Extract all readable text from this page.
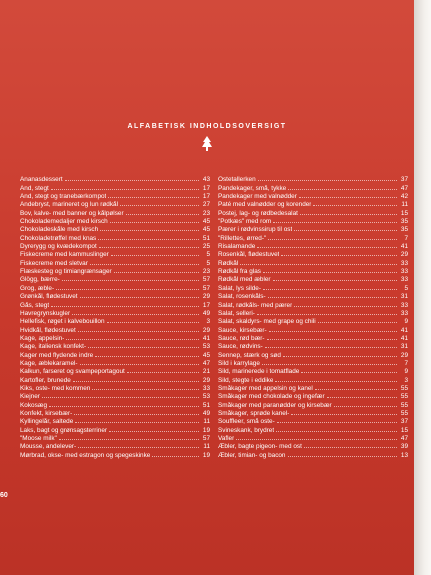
ALFABETISK INDHOLDSOVERSIGT
Ananasdessert	43
And, stegt	17
And, stegt og tranebærkompot	17
Andebryst, marineret og lun rødkål	27
Bov, kalve- med banner og kålpølser	23
Chokolademedaljer med kirsch	45
Chokoladeskåle med kirsch	45
Chokoladetrøffel med knas	51
Dyrerygg og kvædekompot	25
Fiskecreme med kammuslinger	5
Fiskecreme med sletvar	5
Flæskesteg og timiangrænsager	23
Glögg, bærre-	57
Grog, æble-	57
Grønkål, flødestuvet	29
Gås, stegt	17
Havregrynskugler	49
Hellefisk, røget i kalvebouillon	3
Hvidkål, flødestuvet	29
Kage, appelsin-	41
Kage, italiensk konfekt-	53
Kager med flydende indre	45
Kage, æblekaramel-	47
Kalkun, farseret og svampeportagout	21
Kartofler, brunede	29
Kiks, oste- med kommen	33
Kiejner	53
Kokosæg	51
Konfekt, kirsebær-	49
Kyllingelår, saltede	11
Laks, bagt og grønsagsterriner	19
"Moose milk"	57
Mousse, andelever-	11
Mørbrad, okse- med estragon og spegeskinke	19
Ostetallerken	37
Pandekager, små, tykke	47
Pandekager med valnødder	42
Paté med valnødder og korender	11
Postej, lag- og rødbedesalat	15
"Potkæs" med rom	35
Pærer i rødvinssirup til ost	35
"Rillettes, ørred-"	7
Risalamande	41
Rosenkål, flødestuvet	29
Rødkål	33
Rødkål fra glas	33
Rødkål med æbler	33
Salat, lys silde-	5
Salat, rosenkåls-	31
Salat, rødkåls- med pærer	33
Salat, selleri-	33
Salat, skaldyrs- med grape og chili	9
Sauce, kirsebær-	41
Sauce, rød bær-	41
Sauce, rødvins-	31
Sennep, stærk og sød	29
Sild i karrylage	7
Sild, marinerede i tomatflade	9
Sild, stegte i eddike	3
Småkager med appelsin og kanel	55
Småkager med chokolade og ingefær	55
Småkager med paranødder og kirsebær	55
Småkager, sprøde kanel-	55
Souffleer, små oste-	37
Svineskank, brydret	15
Vafler	47
Æbler, bagte pigeon- med ost	39
Æbler, timian- og bacon	13
60
